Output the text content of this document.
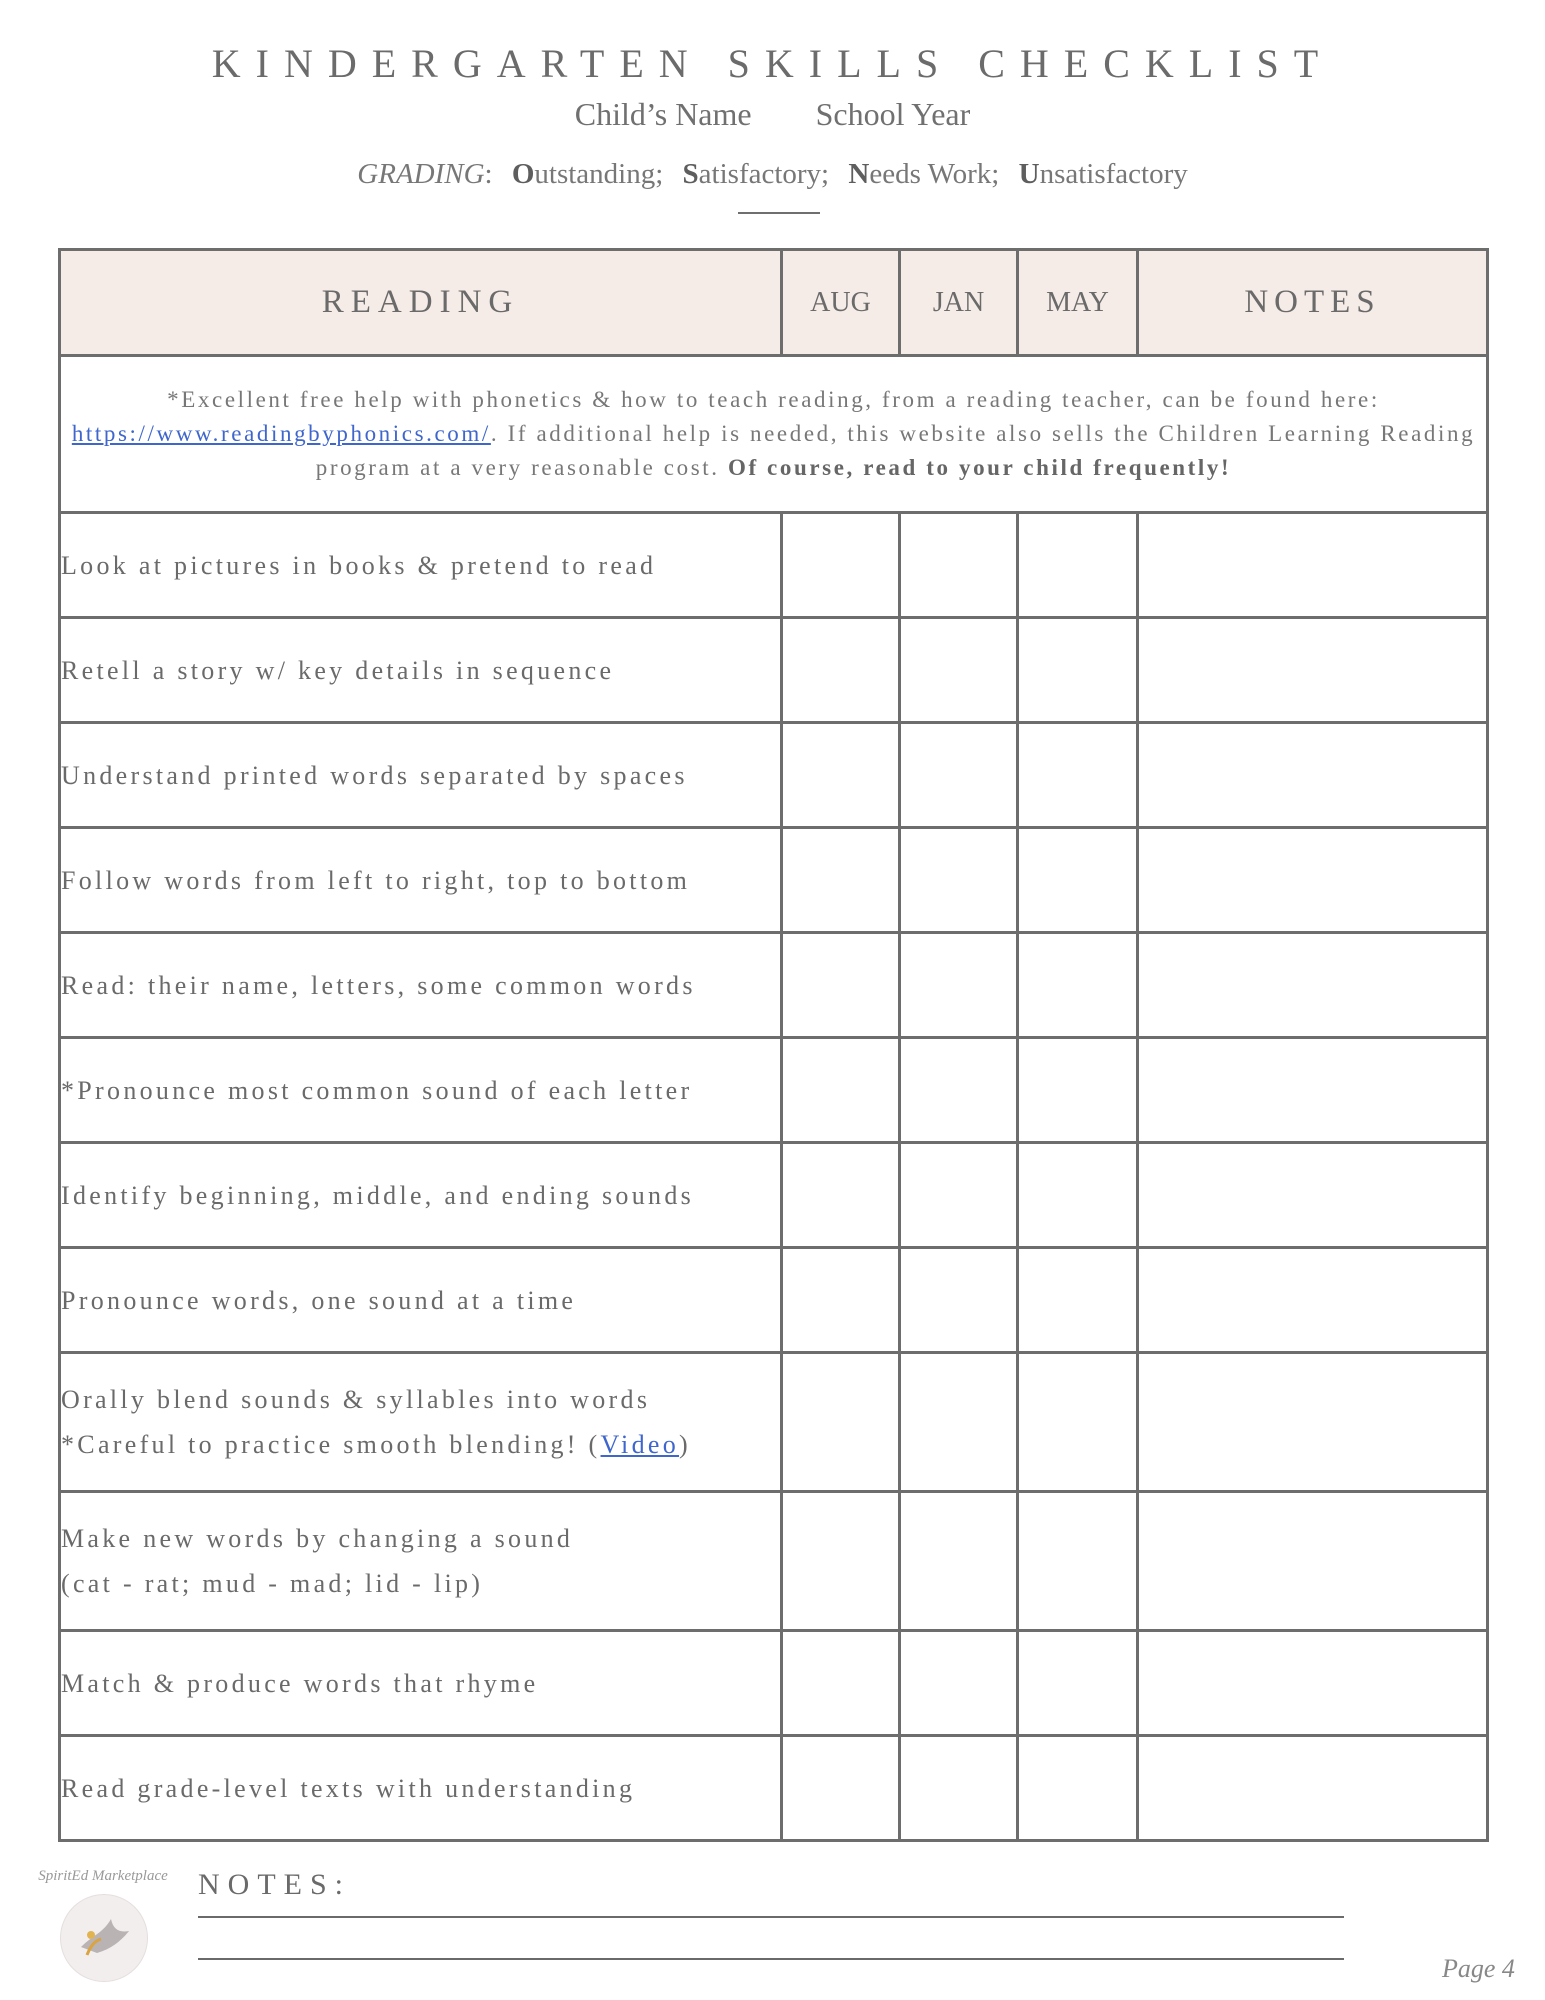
KINDERGARTEN SKILLS CHECKLIST
Child’s Name School Year
GRADING: Outstanding; Satisfactory; Needs Work; Unsatisfactory
READING	AUG	JAN	MAY	NOTES
*Excellent free help with phonetics & how to teach reading, from a reading teacher, can be found here: https://www.readingbyphonics.com/. If additional help is needed, this website also sells the Children Learning Reading program at a very reasonable cost. Of course, read to your child frequently!				
Look at pictures in books & pretend to read				
Retell a story w/ key details in sequence				
Understand printed words separated by spaces				
Follow words from left to right, top to bottom				
Read: their name, letters, some common words				
*Pronounce most common sound of each letter				
Identify beginning, middle, and ending sounds				
Pronounce words, one sound at a time				

Orally blend sounds & syllables into words
*Careful to practice smooth blending! (Video)				

Make new words by changing a sound
(cat - rat; mud - mad; lid - lip)				

Match & produce words that rhyme				
Read grade-level texts with understanding				
SpiritEd Marketplace	NOTES:
Page 4
